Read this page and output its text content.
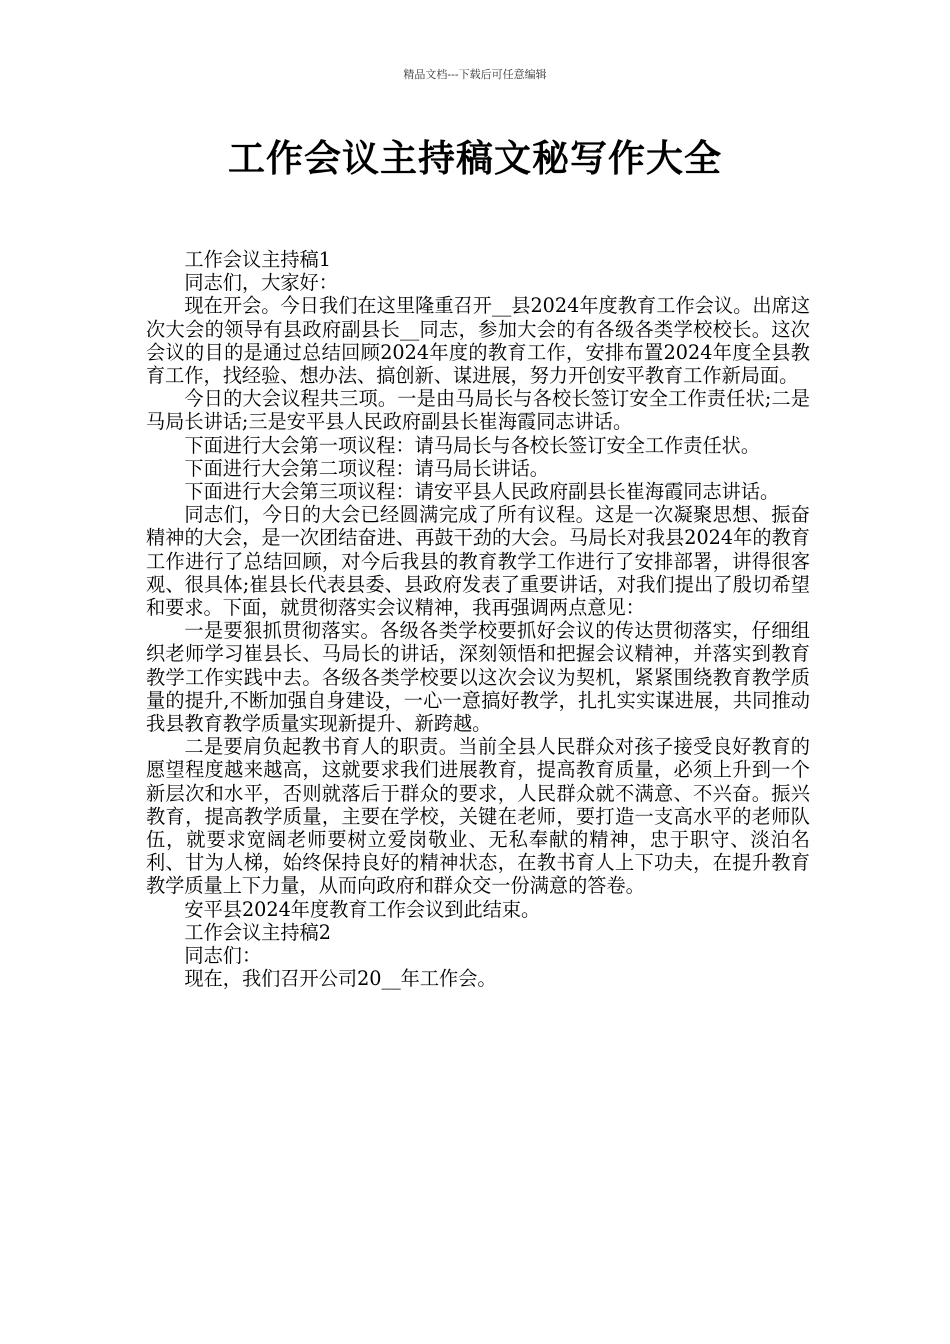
精品文档---下载后可任意编辑
工作会议主持稿文秘写作大全

工作会议主持稿1

同志们，大家好：

现在开会。今日我们在这里隆重召开__县2024年度教育工作会议。出席这次大会的领导有县政府副县长__同志，参加大会的有各级各类学校校长。这次会议的目的是通过总结回顾2024年度的教育工作，安排布置2024年度全县教育工作，找经验、想办法、搞创新、谋进展，努力开创安平教育工作新局面。

今日的大会议程共三项。一是由马局长与各校长签订安全工作责任状;二是马局长讲话;三是安平县人民政府副县长崔海霞同志讲话。

下面进行大会第一项议程：请马局长与各校长签订安全工作责任状。

下面进行大会第二项议程：请马局长讲话。

下面进行大会第三项议程：请安平县人民政府副县长崔海霞同志讲话。

同志们，今日的大会已经圆满完成了所有议程。这是一次凝聚思想、振奋精神的大会，是一次团结奋进、再鼓干劲的大会。马局长对我县2024年的教育工作进行了总结回顾，对今后我县的教育教学工作进行了安排部署，讲得很客观、很具体;崔县长代表县委、县政府发表了重要讲话，对我们提出了殷切希望和要求。下面，就贯彻落实会议精神，我再强调两点意见：

一是要狠抓贯彻落实。各级各类学校要抓好会议的传达贯彻落实，仔细组织老师学习崔县长、马局长的讲话，深刻领悟和把握会议精神，并落实到教育教学工作实践中去。各级各类学校要以这次会议为契机，紧紧围绕教育教学质量的提升,不断加强自身建设，一心一意搞好教学，扎扎实实谋进展，共同推动我县教育教学质量实现新提升、新跨越。

二是要肩负起教书育人的职责。当前全县人民群众对孩子接受良好教育的愿望程度越来越高，这就要求我们进展教育，提高教育质量，必须上升到一个新层次和水平，否则就落后于群众的要求，人民群众就不满意、不兴奋。振兴教育，提高教学质量，主要在学校，关键在老师，要打造一支高水平的老师队伍，就要求宽阔老师要树立爱岗敬业、无私奉献的精神，忠于职守、淡泊名利、甘为人梯，始终保持良好的精神状态，在教书育人上下功夫，在提升教育教学质量上下力量，从而向政府和群众交一份满意的答卷。

安平县2024年度教育工作会议到此结束。

工作会议主持稿2

同志们：

现在，我们召开公司20__年工作会。
